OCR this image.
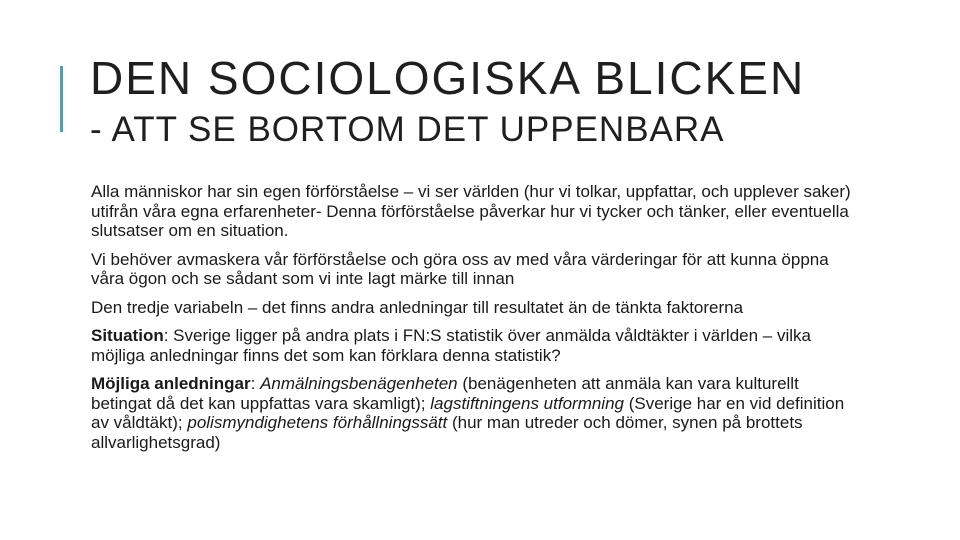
DEN SOCIOLOGISKA BLICKEN
- ATT SE BORTOM DET UPPENBARA

Alla människor har sin egen förförståelse – vi ser världen (hur vi tolkar, uppfattar, och upplever saker) utifrån våra egna erfarenheter- Denna förförståelse påverkar hur vi tycker och tänker, eller eventuella slutsatser om en situation.

Vi behöver avmaskera vår förförståelse och göra oss av med våra värderingar för att kunna öppna våra ögon och se sådant som vi inte lagt märke till innan

Den tredje variabeln – det finns andra anledningar till resultatet än de tänkta faktorerna

Situation: Sverige ligger på andra plats i FN:S statistik över anmälda våldtäkter i världen – vilka möjliga anledningar finns det som kan förklara denna statistik?

Möjliga anledningar: Anmälningsbenägenheten (benägenheten att anmäla kan vara kulturellt betingat då det kan uppfattas vara skamligt); lagstiftningens utformning (Sverige har en vid definition av våldtäkt); polismyndighetens förhållningssätt (hur man utreder och dömer, synen på brottets allvarlighetsgrad)
